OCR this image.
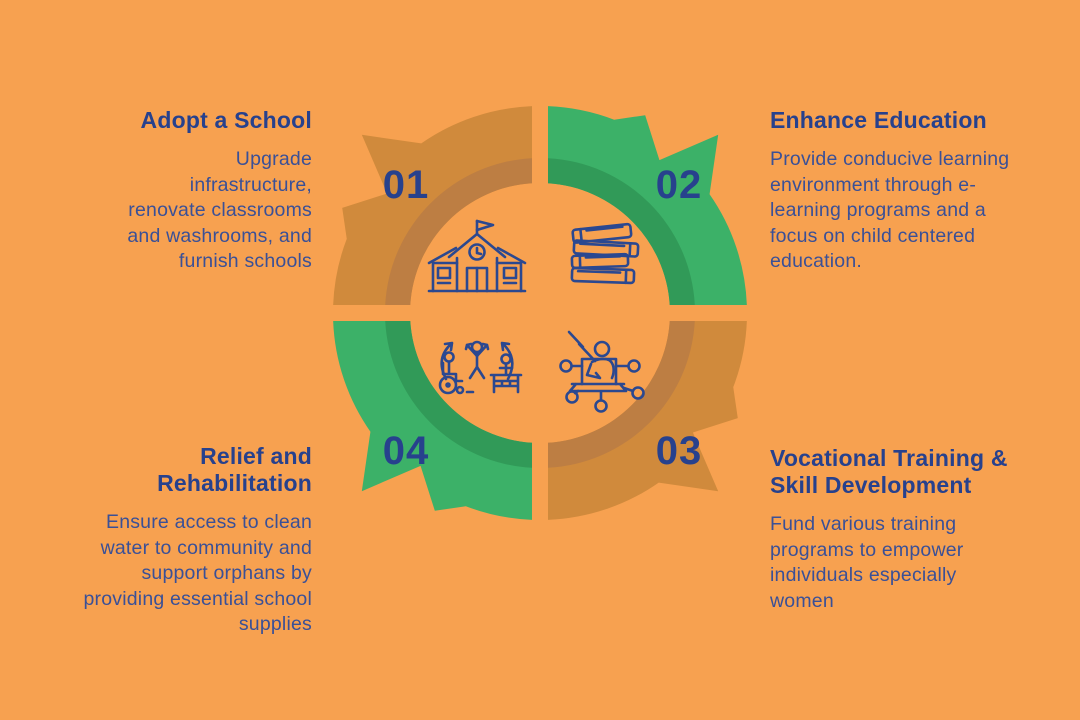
01	02
03
04

Adopt a School

Upgrade infrastructure, renovate classrooms and washrooms, and furnish schools

Enhance Education

Provide conducive learning environment through e-learning programs and a focus on child centered education.

Vocational Training & Skill Development

Fund various training programs to empower individuals especially women

Relief and Rehabilitation

Ensure access to clean water to community and support orphans by providing essential school supplies
